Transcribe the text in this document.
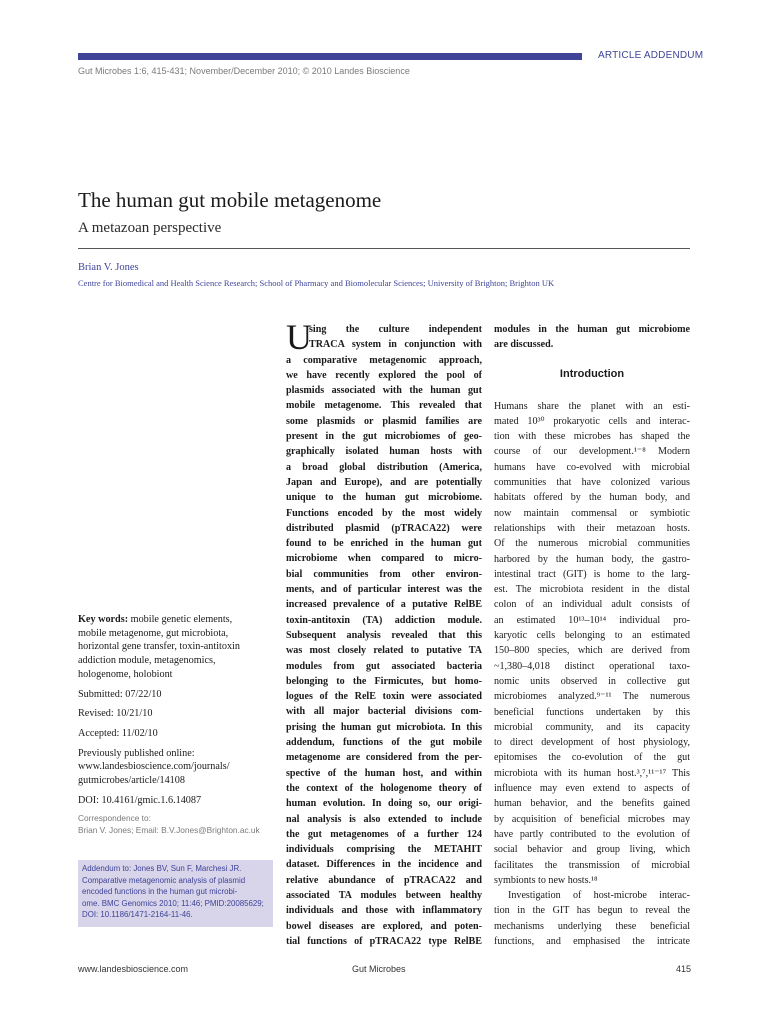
ARTICLE ADDENDUM
Gut Microbes 1:6, 415-431; November/December 2010; © 2010 Landes Bioscience
The human gut mobile metagenome
A metazoan perspective
Brian V. Jones
Centre for Biomedical and Health Science Research; School of Pharmacy and Biomolecular Sciences; University of Brighton; Brighton UK
U
sing the culture independent
TRACA system in conjunction with
a comparative metagenomic approach,
we have recently explored the pool of
plasmids associated with the human gut
mobile metagenome. This revealed that
some plasmids or plasmid families are
present in the gut microbiomes of geo-
graphically isolated human hosts with
a broad global distribution (America,
Japan and Europe), and are potentially
unique to the human gut microbiome.
Functions encoded by the most widely
distributed plasmid (pTRACA22) were
found to be enriched in the human gut
microbiome when compared to micro-
bial communities from other environ-
ments, and of particular interest was the
increased prevalence of a putative RelBE
toxin-antitoxin (TA) addiction module.
Subsequent analysis revealed that this
was most closely related to putative TA
modules from gut associated bacteria
belonging to the Firmicutes, but homo-
logues of the RelE toxin were associated
with all major bacterial divisions com-
prising the human gut microbiota. In this
addendum, functions of the gut mobile
metagenome are considered from the per-
spective of the human host, and within
the context of the hologenome theory of
human evolution. In doing so, our origi-
nal analysis is also extended to include
the gut metagenomes of a further 124
individuals comprising the METAHIT
dataset. Differences in the incidence and
relative abundance of pTRACA22 and
associated TA modules between healthy
individuals and those with inflammatory
bowel diseases are explored, and poten-
tial functions of pTRACA22 type RelBE
Key words: mobile genetic elements,
mobile metagenome, gut microbiota,
horizontal gene transfer, toxin-antitoxin
addiction module, metagenomics,
hologenome, holobiont
Submitted: 07/22/10
Revised: 10/21/10
Accepted: 11/02/10
Previously published online:
www.landesbioscience.com/journals/
gutmicrobes/article/14108
DOI: 10.4161/gmic.1.6.14087
Correspondence to:
Brian V. Jones; Email: B.V.Jones@Brighton.ac.uk
Addendum to: Jones BV, Sun F, Marchesi JR.
Comparative metagenomic analysis of plasmid
encoded functions in the human gut microbi-
ome. BMC Genomics 2010; 11:46; PMID:20085629;
DOI: 10.1186/1471-2164-11-46.
modules in the human gut microbiome
are discussed.
Introduction
Humans share the planet with an esti-
mated 10³⁰ prokaryotic cells and interac-
tion with these microbes has shaped the
course of our development.¹⁻⁸ Modern
humans have co-evolved with microbial
communities that have colonized various
habitats offered by the human body, and
now maintain commensal or symbiotic
relationships with their metazoan hosts.
Of the numerous microbial communities
harbored by the human body, the gastro-
intestinal tract (GIT) is home to the larg-
est. The microbiota resident in the distal
colon of an individual adult consists of
an estimated 10¹³–10¹⁴ individual pro-
karyotic cells belonging to an estimated
150–800 species, which are derived from
~1,380–4,018 distinct operational taxo-
nomic units observed in collective gut
microbiomes analyzed.⁹⁻¹¹ The numerous
beneficial functions undertaken by this
microbial community, and its capacity
to direct development of host physiology,
epitomises the co-evolution of the gut
microbiota with its human host.³,⁷,¹¹⁻¹⁷ This
influence may even extend to aspects of
human behavior, and the benefits gained
by acquisition of beneficial microbes may
have partly contributed to the evolution of
social behavior and group living, which
facilitates the transmission of microbial
symbionts to new hosts.¹⁸
Investigation of host-microbe interac-
tion in the GIT has begun to reveal the
mechanisms underlying these beneficial
functions, and emphasised the intricate
www.landesbioscience.com	Gut Microbes	415
